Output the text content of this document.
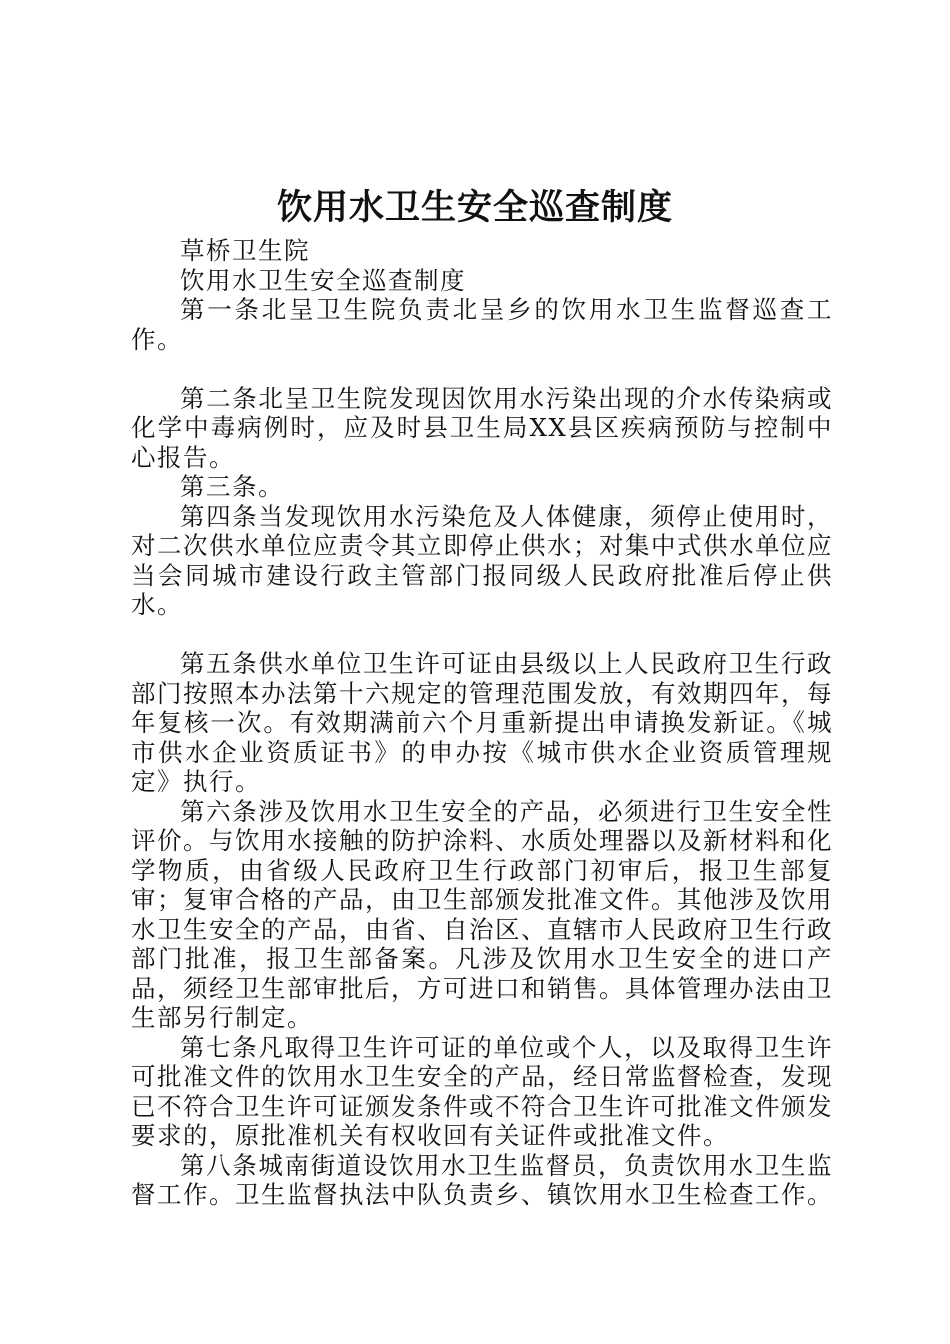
饮用水卫生安全巡查制度

草桥卫生院

饮用水卫生安全巡查制度

第一条北呈卫生院负责北呈乡的饮用水卫生监督巡查工作。

第二条北呈卫生院发现因饮用水污染出现的介水传染病或化学中毒病例时，应及时县卫生局XX县区疾病预防与控制中心报告。

第三条。

第四条当发现饮用水污染危及人体健康，须停止使用时，对二次供水单位应责令其立即停止供水；对集中式供水单位应当会同城市建设行政主管部门报同级人民政府批准后停止供水。

第五条供水单位卫生许可证由县级以上人民政府卫生行政部门按照本办法第十六规定的管理范围发放，有效期四年，每年复核一次。有效期满前六个月重新提出申请换发新证。《城市供水企业资质证书》的申办按《城市供水企业资质管理规定》执行。

第六条涉及饮用水卫生安全的产品，必须进行卫生安全性评价。与饮用水接触的防护涂料、水质处理器以及新材料和化学物质，由省级人民政府卫生行政部门初审后，报卫生部复审；复审合格的产品，由卫生部颁发批准文件。其他涉及饮用水卫生安全的产品，由省、自治区、直辖市人民政府卫生行政部门批准，报卫生部备案。凡涉及饮用水卫生安全的进口产品，须经卫生部审批后，方可进口和销售。具体管理办法由卫生部另行制定。

第七条凡取得卫生许可证的单位或个人，以及取得卫生许可批准文件的饮用水卫生安全的产品，经日常监督检查，发现已不符合卫生许可证颁发条件或不符合卫生许可批准文件颁发要求的，原批准机关有权收回有关证件或批准文件。

第八条城南街道设饮用水卫生监督员，负责饮用水卫生监督工作。卫生监督执法中队负责乡、镇饮用水卫生检查工作。
